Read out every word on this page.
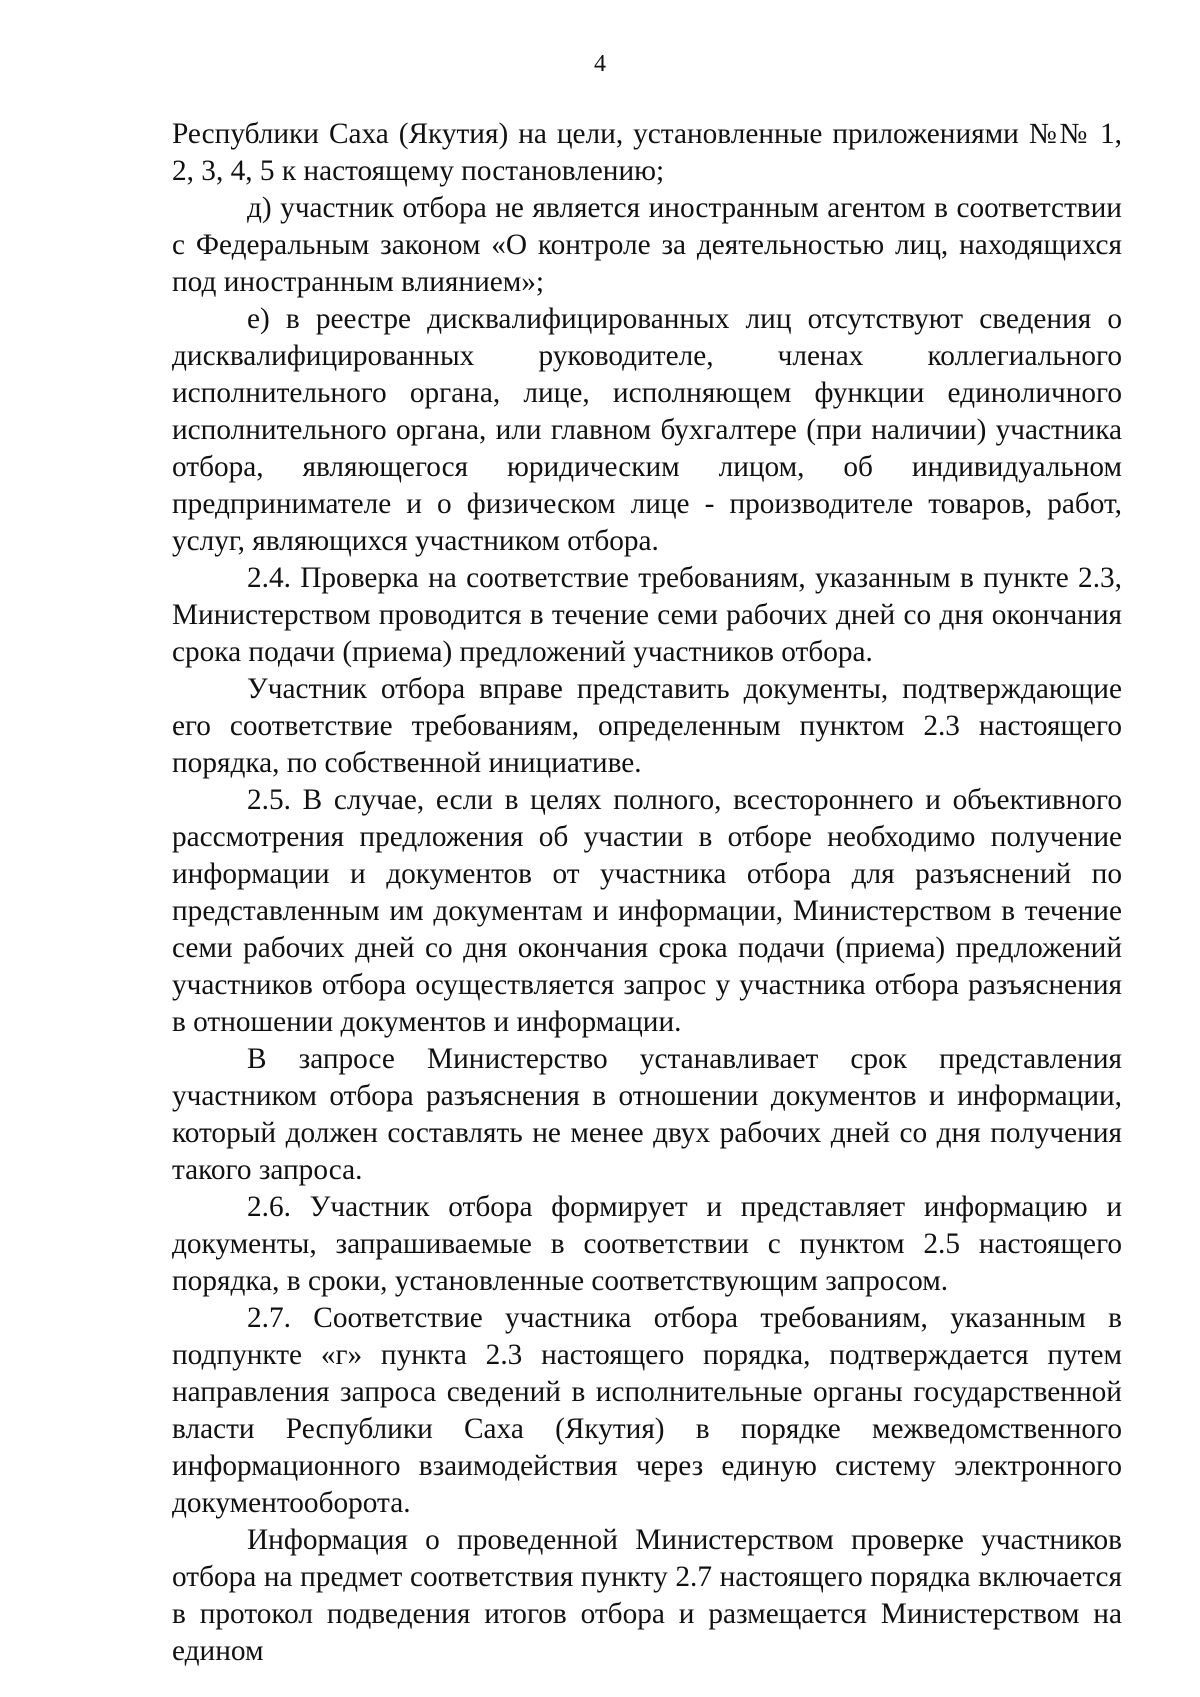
4

Республики Саха (Якутия) на цели, установленные приложениями №№ 1, 2, 3, 4, 5 к настоящему постановлению;

д) участник отбора не является иностранным агентом в соответствии с Федеральным законом «О контроле за деятельностью лиц, находящихся под иностранным влиянием»;

е) в реестре дисквалифицированных лиц отсутствуют сведения о дисквалифицированных руководителе, членах коллегиального исполнительного органа, лице, исполняющем функции единоличного исполнительного органа, или главном бухгалтере (при наличии) участника отбора, являющегося юридическим лицом, об индивидуальном предпринимателе и о физическом лице - производителе товаров, работ, услуг, являющихся участником отбора.

2.4. Проверка на соответствие требованиям, указанным в пункте 2.3, Министерством проводится в течение семи рабочих дней со дня окончания срока подачи (приема) предложений участников отбора.

Участник отбора вправе представить документы, подтверждающие его соответствие требованиям, определенным пунктом 2.3 настоящего порядка, по собственной инициативе.

2.5. В случае, если в целях полного, всестороннего и объективного рассмотрения предложения об участии в отборе необходимо получение информации и документов от участника отбора для разъяснений по представленным им документам и информации, Министерством в течение семи рабочих дней со дня окончания срока подачи (приема) предложений участников отбора осуществляется запрос у участника отбора разъяснения в отношении документов и информации.

В запросе Министерство устанавливает срок представления участником отбора разъяснения в отношении документов и информации, который должен составлять не менее двух рабочих дней со дня получения такого запроса.

2.6. Участник отбора формирует и представляет информацию и документы, запрашиваемые в соответствии с пунктом 2.5 настоящего порядка, в сроки, установленные соответствующим запросом.

2.7. Соответствие участника отбора требованиям, указанным в подпункте «г» пункта 2.3 настоящего порядка, подтверждается путем направления запроса сведений в исполнительные органы государственной власти Республики Саха (Якутия) в порядке межведомственного информационного взаимодействия через единую систему электронного документооборота.

Информация о проведенной Министерством проверке участников отбора на предмет соответствия пункту 2.7 настоящего порядка включается в протокол подведения итогов отбора и размещается Министерством на едином
